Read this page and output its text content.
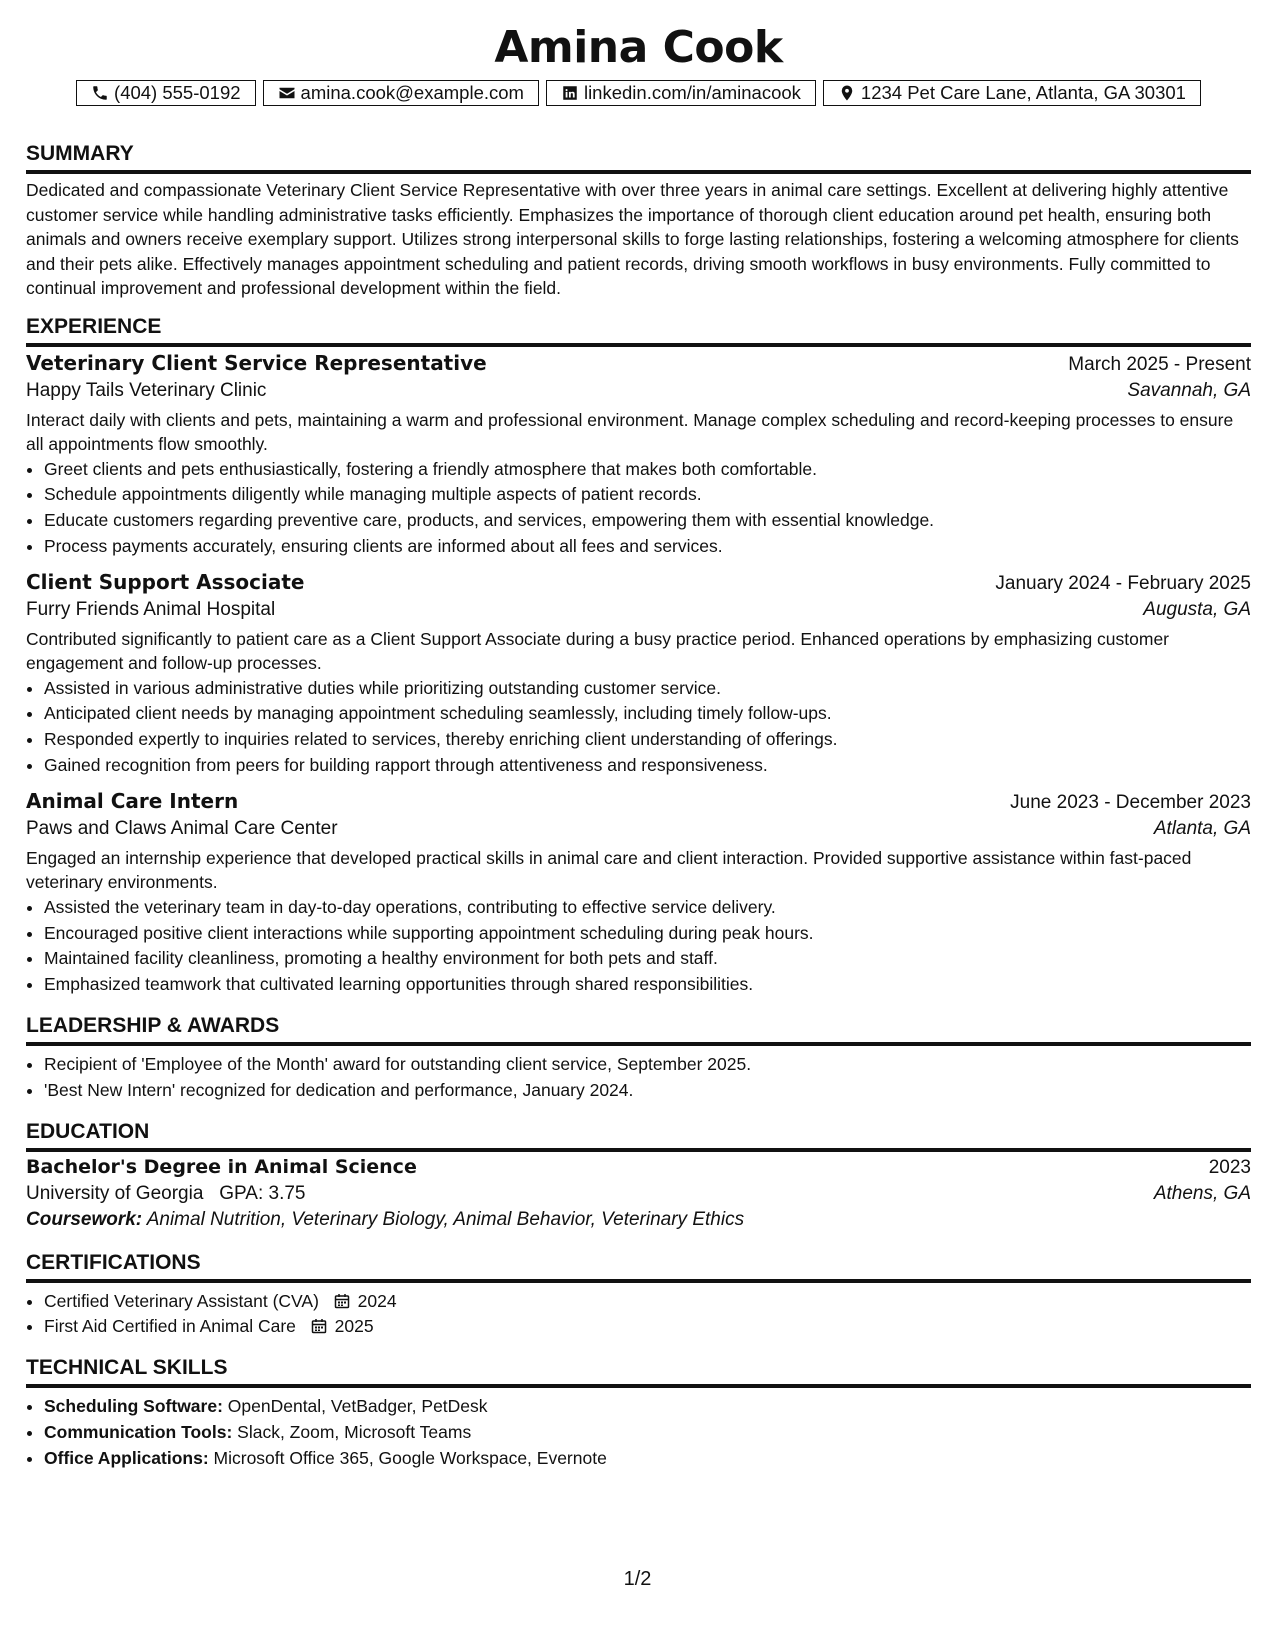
Amina Cook
(404) 555-0192	amina.cook@example.com	linkedin.com/in/aminacook	1234 Pet Care Lane, Atlanta, GA 30301
SUMMARY

Dedicated and compassionate Veterinary Client Service Representative with over three years in animal care settings. Excellent at delivering highly attentive customer service while handling administrative tasks efficiently. Emphasizes the importance of thorough client education around pet health, ensuring both animals and owners receive exemplary support. Utilizes strong interpersonal skills to forge lasting relationships, fostering a welcoming atmosphere for clients and their pets alike. Effectively manages appointment scheduling and patient records, driving smooth workflows in busy environments. Fully committed to continual improvement and professional development within the field.

EXPERIENCE
Veterinary Client Service Representative	March 2025 - Present
Happy Tails Veterinary Clinic	Savannah, GA

Interact daily with clients and pets, maintaining a warm and professional environment. Manage complex scheduling and record-keeping processes to ensure all appointments flow smoothly.

• Greet clients and pets enthusiastically, fostering a friendly atmosphere that makes both comfortable.
• Schedule appointments diligently while managing multiple aspects of patient records.
• Educate customers regarding preventive care, products, and services, empowering them with essential knowledge.
• Process payments accurately, ensuring clients are informed about all fees and services.
Client Support Associate	January 2024 - February 2025
Furry Friends Animal Hospital	Augusta, GA

Contributed significantly to patient care as a Client Support Associate during a busy practice period. Enhanced operations by emphasizing customer engagement and follow-up processes.

• Assisted in various administrative duties while prioritizing outstanding customer service.
• Anticipated client needs by managing appointment scheduling seamlessly, including timely follow-ups.
• Responded expertly to inquiries related to services, thereby enriching client understanding of offerings.
• Gained recognition from peers for building rapport through attentiveness and responsiveness.
Animal Care Intern	June 2023 - December 2023
Paws and Claws Animal Care Center	Atlanta, GA

Engaged an internship experience that developed practical skills in animal care and client interaction. Provided supportive assistance within fast-paced veterinary environments.

• Assisted the veterinary team in day-to-day operations, contributing to effective service delivery.
• Encouraged positive client interactions while supporting appointment scheduling during peak hours.
• Maintained facility cleanliness, promoting a healthy environment for both pets and staff.
• Emphasized teamwork that cultivated learning opportunities through shared responsibilities.
LEADERSHIP & AWARDS
• Recipient of 'Employee of the Month' award for outstanding client service, September 2025.
• 'Best New Intern' recognized for dedication and performance, January 2024.
EDUCATION
Bachelor's Degree in Animal Science	2023
University of Georgia GPA: 3.75	Athens, GA
Coursework: Animal Nutrition, Veterinary Biology, Animal Behavior, Veterinary Ethics
CERTIFICATIONS
• Certified Veterinary Assistant (CVA) 2024
• First Aid Certified in Animal Care 2025
TECHNICAL SKILLS
• Scheduling Software: OpenDental, VetBadger, PetDesk
• Communication Tools: Slack, Zoom, Microsoft Teams
• Office Applications: Microsoft Office 365, Google Workspace, Evernote
1/2
